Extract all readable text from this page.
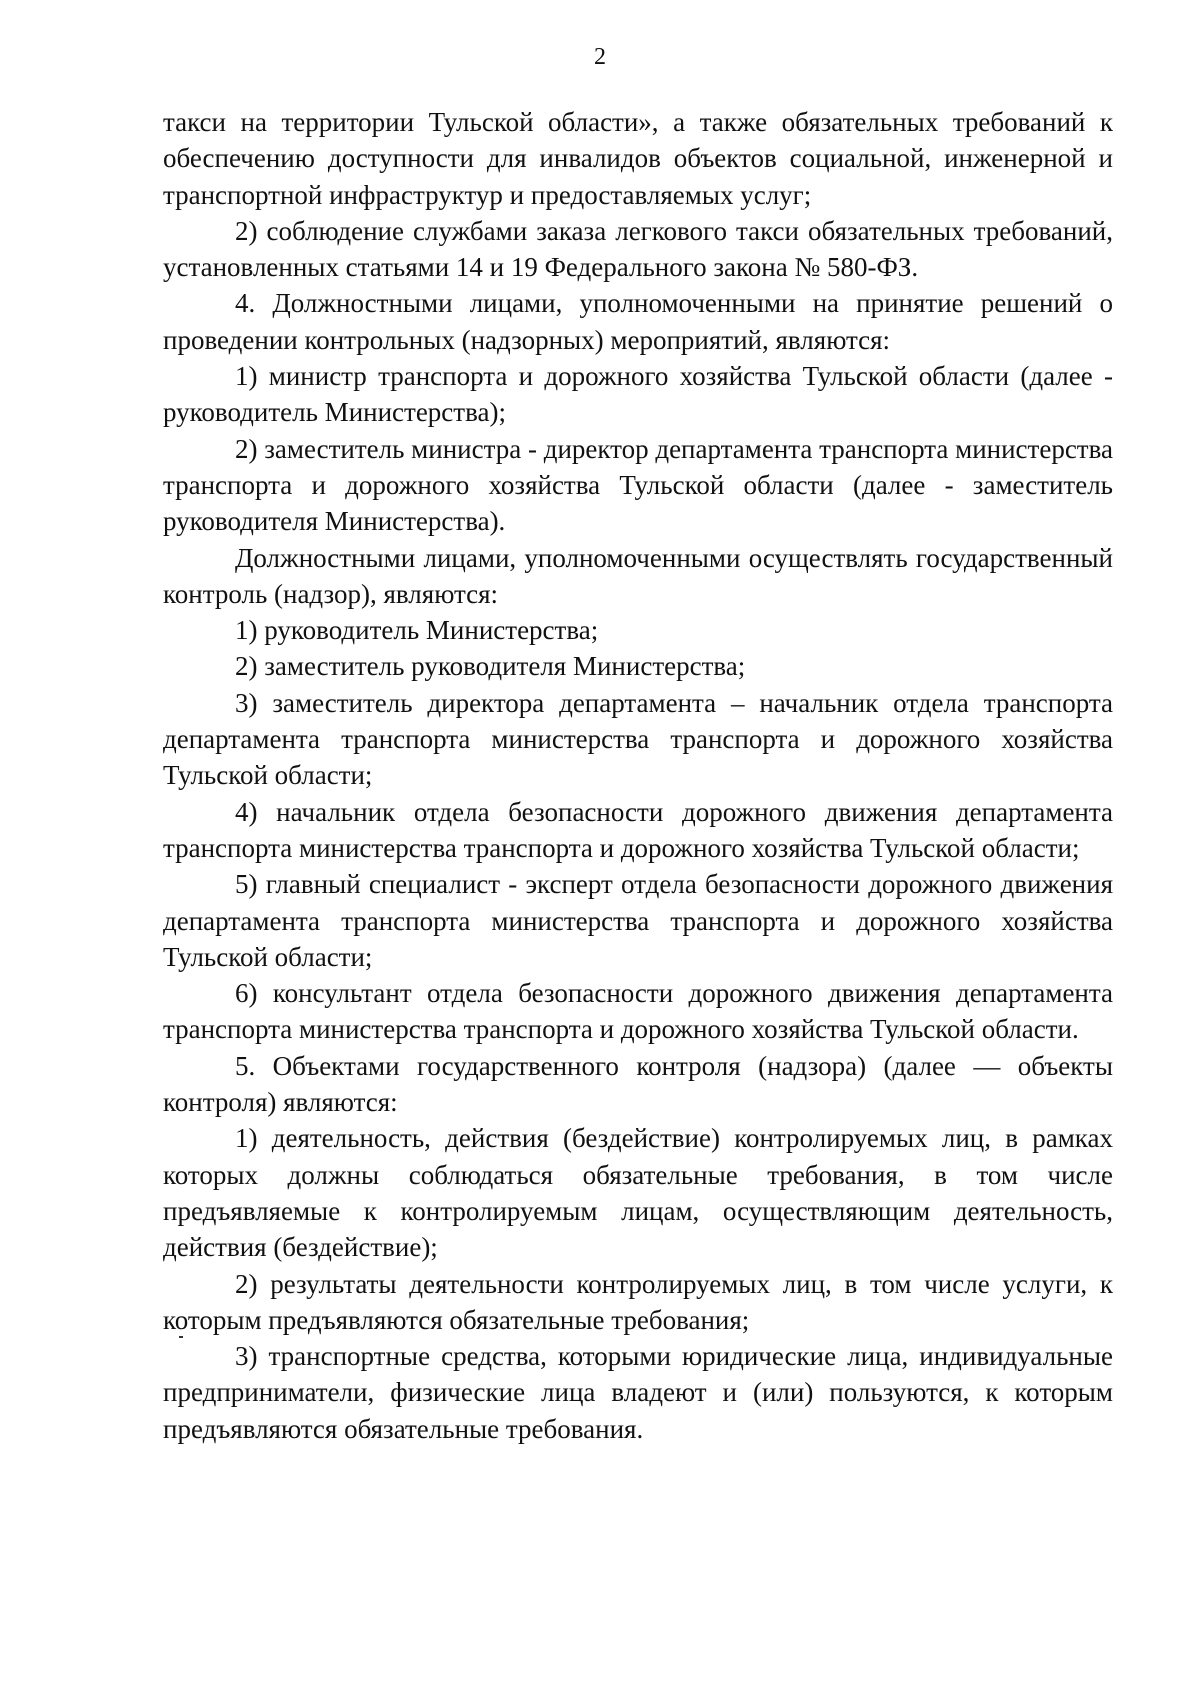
2

такси на территории Тульской области», а также обязательных требований к обеспечению доступности для инвалидов объектов социальной, инженерной и транспортной инфраструктур и предоставляемых услуг;

2) соблюдение службами заказа легкового такси обязательных требований, установленных статьями 14 и 19 Федерального закона № 580-ФЗ.

4. Должностными лицами, уполномоченными на принятие решений о проведении контрольных (надзорных) мероприятий, являются:

1) министр транспорта и дорожного хозяйства Тульской области (далее - руководитель Министерства);

2) заместитель министра - директор департамента транспорта министерства транспорта и дорожного хозяйства Тульской области (далее - заместитель руководителя Министерства).

Должностными лицами, уполномоченными осуществлять государственный контроль (надзор), являются:

1) руководитель Министерства;

2) заместитель руководителя Министерства;

3) заместитель директора департамента – начальник отдела транспорта департамента транспорта министерства транспорта и дорожного хозяйства Тульской области;

4) начальник отдела безопасности дорожного движения департамента транспорта министерства транспорта и дорожного хозяйства Тульской области;

5) главный специалист - эксперт отдела безопасности дорожного движения департамента транспорта министерства транспорта и дорожного хозяйства Тульской области;

6) консультант отдела безопасности дорожного движения департамента транспорта министерства транспорта и дорожного хозяйства Тульской области.

5. Объектами государственного контроля (надзора) (далее — объекты контроля) являются:

1) деятельность, действия (бездействие) контролируемых лиц, в рамках которых должны соблюдаться обязательные требования, в том числе предъявляемые к контролируемым лицам, осуществляющим деятельность, действия (бездействие);

2) результаты деятельности контролируемых лиц, в том числе услуги, к которым предъявляются обязательные требования;

3) транспортные средства, которыми юридические лица, индивидуальные предприниматели, физические лица владеют и (или) пользуются, к которым предъявляются обязательные требования.
